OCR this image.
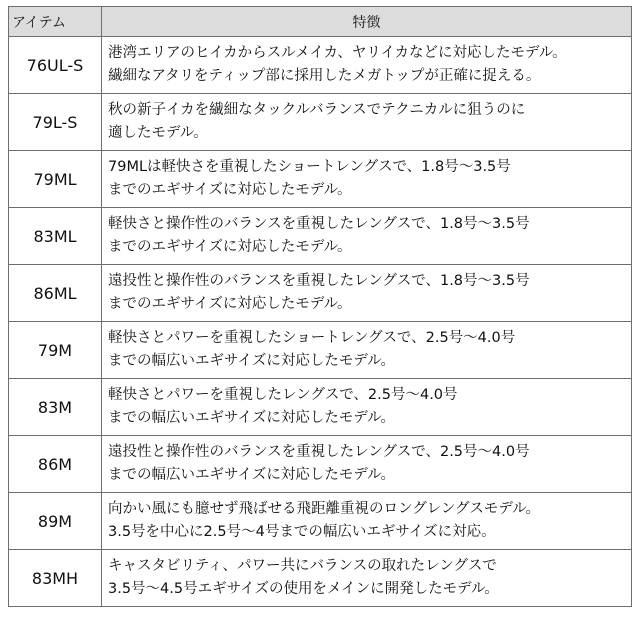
アイテム	特徴
76UL-S	港湾エリアのヒイカからスルメイカ、ヤリイカなどに対応したモデル。
繊細なアタリをティップ部に採用したメガトップが正確に捉える。

79L-S	秋の新子イカを繊細なタックルバランスでテクニカルに狙うのに
適したモデル。

79ML	79MLは軽快さを重視したショートレングスで、1.8号～3.5号
までのエギサイズに対応したモデル。

83ML	軽快さと操作性のバランスを重視したレングスで、1.8号～3.5号
までのエギサイズに対応したモデル。

86ML	遠投性と操作性のバランスを重視したレングスで、1.8号～3.5号
までのエギサイズに対応したモデル。

79M	軽快さとパワーを重視したショートレングスで、2.5号～4.0号
までの幅広いエギサイズに対応したモデル。

83M	軽快さとパワーを重視したレングスで、2.5号～4.0号
までの幅広いエギサイズに対応したモデル。

86M	遠投性と操作性のバランスを重視したレングスで、2.5号～4.0号
までの幅広いエギサイズに対応したモデル。

89M	向かい風にも臆せず飛ばせる飛距離重視のロングレングスモデル。
3.5号を中心に2.5号～4号までの幅広いエギサイズに対応。

83MH	キャスタビリティ、パワー共にバランスの取れたレングスで
3.5号～4.5号エギサイズの使用をメインに開発したモデル。
